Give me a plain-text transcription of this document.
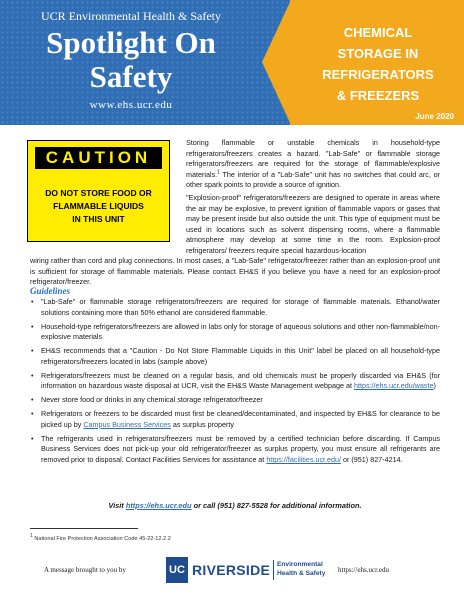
UCR Environmental Health & Safety
Spotlight On
Safety
www.ehs.ucr.edu
CHEMICAL
STORAGE IN
REFRIGERATORS
& FREEZERS
June 2020
CAUTION
DO NOT STORE FOOD OR
FLAMMABLE LIQUIDS
IN THIS UNIT

Storing flammable or unstable chemicals in household-type refrigerators/freezers creates a hazard. "Lab-Safe" or flammable storage refrigerators/freezers are required for the storage of flammable/explosive materials.$^1$ The interior of a "Lab-Safe" unit has no switches that could arc, or other spark points to provide a source of ignition.

"Explosion-proof" refrigerators/freezers are designed to operate in areas where the air may be explosive, to prevent ignition of flammable vapors or gases that may be present inside but also outside the unit. This type of equipment must be used in locations such as solvent dispensing rooms, where a flammable atmosphere may develop at some time in the room. Explosion-proof refrigerators/ freezers require special hazardous-location

wiring rather than cord and plug connections. In most cases, a "Lab-Safe" refrigerator/freezer rather than an explosion-proof unit is sufficient for storage of flammable materials. Please contact EH&S if you believe you have a need for an explosion-proof refrigerator/freezer.

Guidelines
• "Lab-Safe" or flammable storage refrigerators/freezers are required for storage of flammable materials. Ethanol/water solutions containing more than 50% ethanol are considered flammable.
• Household-type refrigerators/freezers are allowed in labs only for storage of aqueous solutions and other non-flammable/non-explosive materials
• EH&S recommends that a "Caution - Do Not Store Flammable Liquids in this Unit" label be placed on all household-type refrigerators/freezers located in labs (sample above)
• Refrigerators/freezers must be cleaned on a regular basis, and old chemicals must be properly discarded via EH&S (for information on hazardous waste disposal at UCR, visit the EH&S Waste Management webpage at https://ehs.ucr.edu/waste)
• Never store food or drinks in any chemical storage refrigerator/freezer
• Refrigerators or freezers to be discarded must first be cleaned/decontaminated, and inspected by EH&S for clearance to be picked up by Campus Business Services as surplus property
• The refrigerants used in refrigerators/freezers must be removed by a certified technician before discarding. If Campus Business Services does not pick-up your old refrigerator/freezer as surplus property, you must ensure all refrigerants are removed prior to disposal. Contact Facilities Services for assistance at https://facilities.ucr.edu/ or (951) 827-4214.
Visit https://ehs.ucr.edu or call (951) 827-5528 for additional information.
1 National Fire Protection Association Code 45-22-12.2.2
A message brought to you by	UC RIVERSIDE Environmental
Health & Safety	https://ehs.ucr.edu
